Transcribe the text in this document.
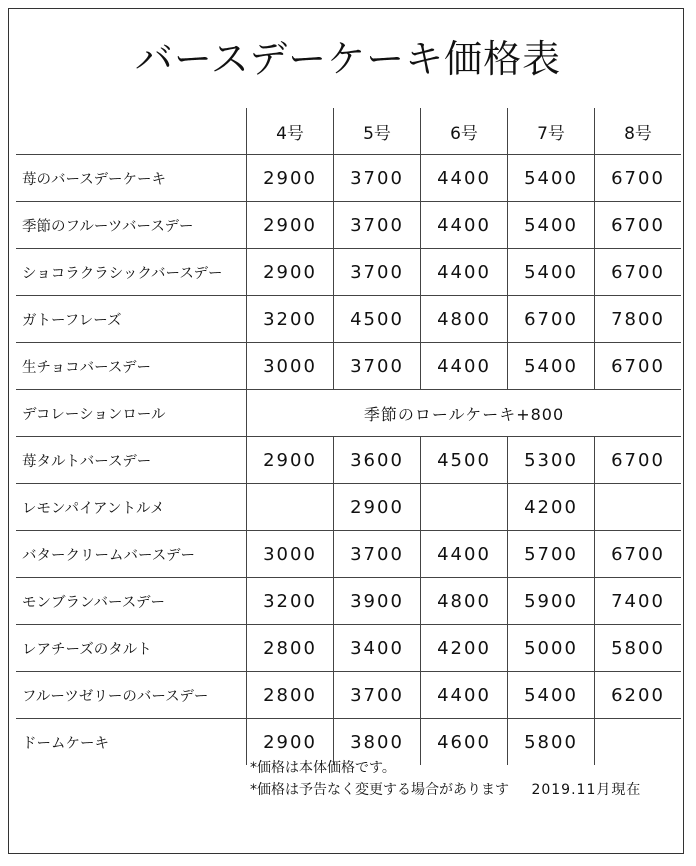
バースデーケーキ価格表
	4号	5号	6号	7号	8号
苺のバースデーケーキ	2900	3700	4400	5400	6700
季節のフルーツバースデー	2900	3700	4400	5400	6700
ショコラクラシックバースデー	2900	3700	4400	5400	6700
ガトーフレーズ	3200	4500	4800	6700	7800
生チョコバースデー	3000	3700	4400	5400	6700
デコレーションロール	季節のロールケーキ+800				
苺タルトバースデー	2900	3600	4500	5300	6700
レモンパイアントルメ		2900		4200	
バタークリームバースデー	3000	3700	4400	5700	6700
モンブランバースデー	3200	3900	4800	5900	7400
レアチーズのタルト	2800	3400	4200	5000	5800
フルーツゼリーのバースデー	2800	3700	4400	5400	6200
ドームケーキ	2900	3800	4600	5800	
*価格は本体価格です。
*価格は予告なく変更する場合があります 2019.11月現在
